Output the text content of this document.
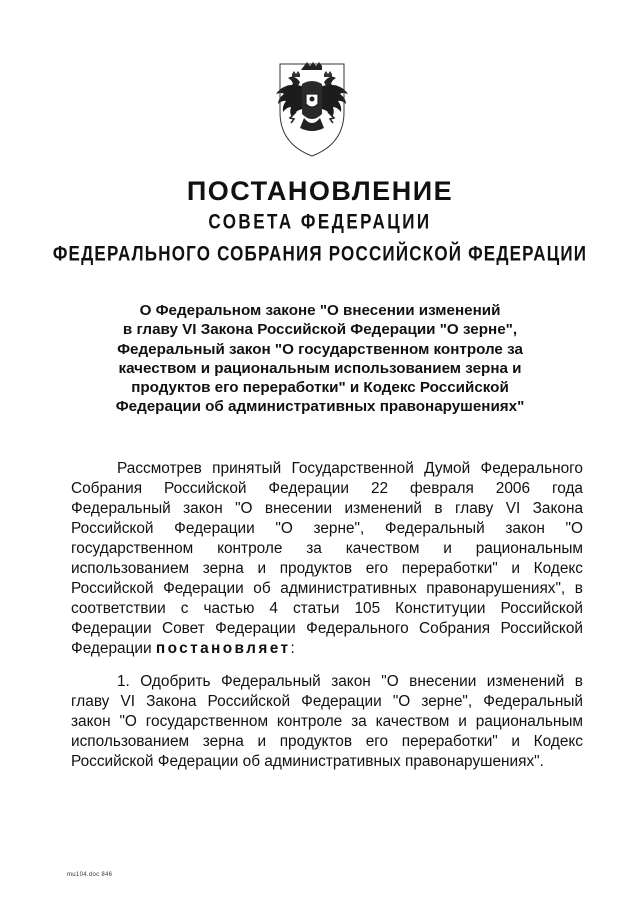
ПОСТАНОВЛЕНИЕ
СОВЕТА ФЕДЕРАЦИИ
ФЕДЕРАЛЬНОГО СОБРАНИЯ РОССИЙСКОЙ ФЕДЕРАЦИИ
О Федеральном законе "О внесении изменений
в главу VI Закона Российской Федерации "О зерне",
Федеральный закон "О государственном контроле за
качеством и рациональным использованием зерна и
продуктов его переработки" и Кодекс Российской
Федерации об административных правонарушениях"
Рассмотрев принятый Государственной Думой Федерального
Собрания Российской Федерации 22 февраля 2006 года
Федеральный закон "О внесении изменений в главу VI Закона
Российской Федерации "О зерне", Федеральный закон "О
государственном контроле за качеством и рациональным
использованием зерна и продуктов его переработки" и Кодекс
Российской Федерации об административных правонарушениях", в
соответствии с частью 4 статьи 105 Конституции Российской
Федерации Совет Федерации Федерального Собрания Российской
Федерации постановляет:
1. Одобрить Федеральный закон "О внесении изменений в
главу VI Закона Российской Федерации "О зерне", Федеральный
закон "О государственном контроле за качеством и рациональным
использованием зерна и продуктов его переработки" и Кодекс
Российской Федерации об административных правонарушениях".
mu104.doc 846
